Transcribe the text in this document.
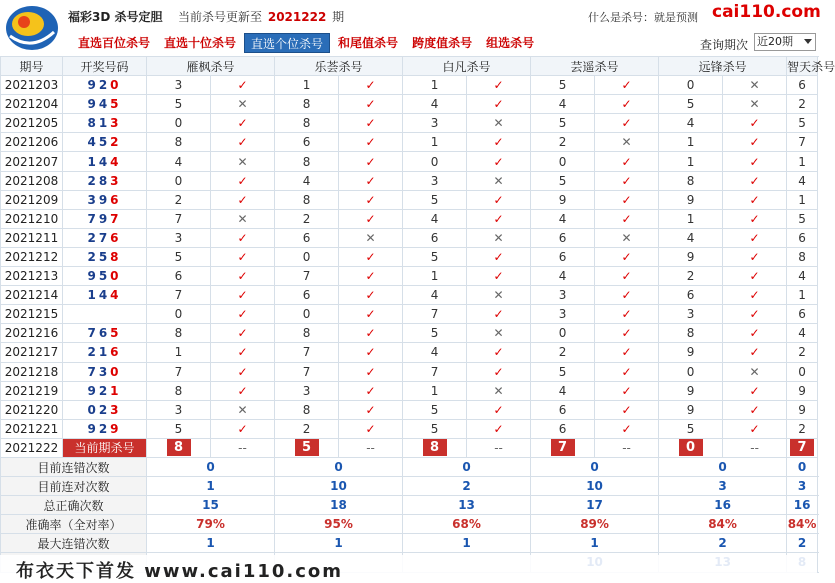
福彩3D 杀号定胆 当前杀号更新至 2021222 期	什么是杀号：就是预测 cai110.com
直选百位杀号	直选十位杀号	直选个位杀号	和尾值杀号	跨度值杀号	组选杀号	查询期次 近20期
期号	开奖号码	雁枫杀号		乐荟杀号		白凡杀号		芸遥杀号		远锋杀号		智天杀号					
2021203	920	3	✓	1	✓	1	✓	5	✓	0	✕	6										
2021204	945	5	✕	8	✓	4	✓	4	✓	5	✕	2										
2021205	813	0	✓	8	✓	3	✕	5	✓	4	✓	5										
2021206	452	8	✓	6	✓	1	✓	2	✕	1	✓	7										
2021207	144	4	✕	8	✓	0	✓	0	✓	1	✓	1										
2021208	283	0	✓	4	✓	3	✕	5	✓	8	✓	4										
2021209	396	2	✓	8	✓	5	✓	9	✓	9	✓	1										
2021210	797	7	✕	2	✓	4	✓	4	✓	1	✓	5										
2021211	276	3	✓	6	✕	6	✕	6	✕	4	✓	6										
2021212	258	5	✓	0	✓	5	✓	6	✓	9	✓	8										
2021213	950	6	✓	7	✓	1	✓	4	✓	2	✓	4										
2021214	144	7	✓	6	✓	4	✕	3	✓	6	✓	1										
2021215		0	✓	0	✓	7	✓	3	✓	3	✓	6										
2021216	765	8	✓	8	✓	5	✕	0	✓	8	✓	4										
2021217	216	1	✓	7	✓	4	✓	2	✓	9	✓	2										
2021218	730	7	✓	7	✓	7	✓	5	✓	0	✕	0										
2021219	921	8	✓	3	✓	1	✕	4	✓	9	✓	9										
2021220	023	3	✕	8	✓	5	✓	6	✓	9	✓	9										
2021221	929	5	✓	2	✓	5	✓	6	✓	5	✓	2										
2021222	当前期杀号	8	--	5	--	8	--	7	--	0	--	7										
目前连错次数		0		0		0		0		0		0					
目前连对次数		1		10		2		10		3		3					
总正确次数		15		18		13		17		16		16					
准确率（全对率）		79%		95%		68%		89%		84%		84%					
最大连错次数		1		1		1		1		2		2					

布衣天下首发 www.cai110.com
